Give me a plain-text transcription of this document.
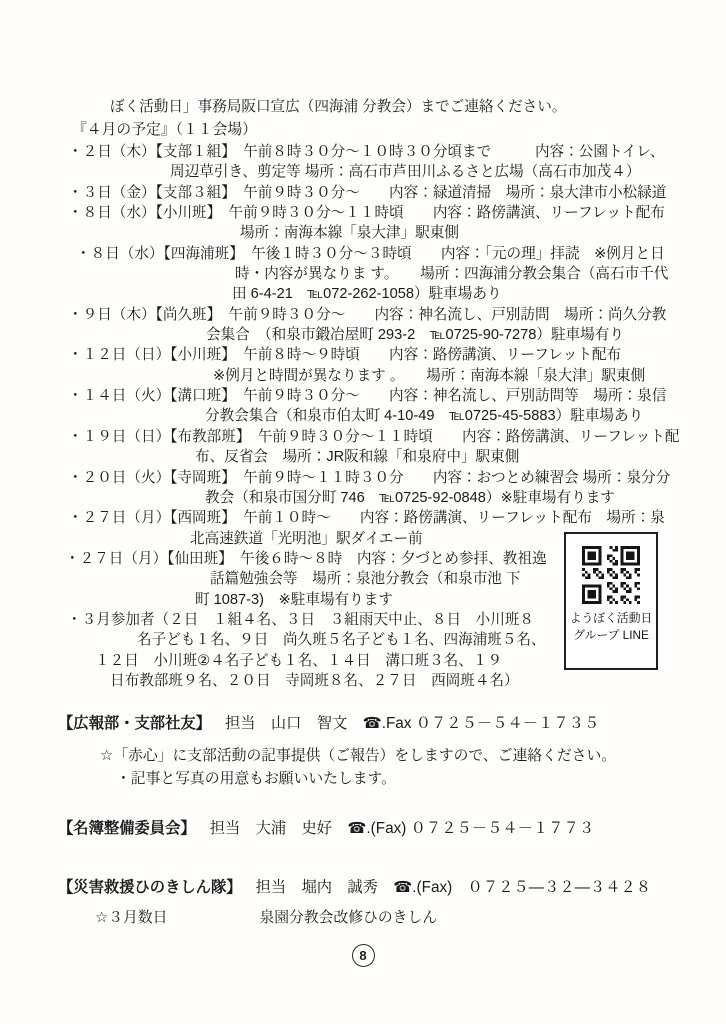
ぼく活動日」事務局阪口宣広（四海浦 分教会）までご連絡ください。
『４月の予定』（１１会場）
・２日（木）【支部１組】　午前８時３０分～１０時３０分頃まで　　　内容：公園トイレ、
周辺草引き、剪定等 場所：高石市芦田川ふるさと広場（高石市加茂４）
・３日（金）【支部３組】　午前９時３０分～　　内容：緑道清掃　場所：泉大津市小松緑道
・８日（水）【小川班】　午前９時３０分～１１時頃　　内容：路傍講演、リーフレット配布
場所：南海本線「泉大津」駅東側
・８日（水）【四海浦班】　午後１時３０分～３時頃　　内容：「元の理」拝読　※例月と日
時・内容が異なりま す。　　場所：四海浦分教会集合（高石市千代
田 6-4-21　℡072-262-1058）駐車場あり
・９日（木）【尚久班】　午前９時３０分～　　内容：神名流し、戸別訪問　場所：尚久分教
会集合　（和泉市鍛冶屋町 293-2　℡0725-90-7278）駐車場有り
・１２日（日）【小川班】　午前８時～９時頃　　内容：路傍講演、リーフレット配布
※例月と時間が異なります 。　　場所：南海本線「泉大津」駅東側
・１４日（火）【溝口班】　午前９時３０分～　　内容：神名流し、戸別訪問等　場所：泉信
分教会集合（和泉市伯太町 4-10-49　℡0725-45-5883）駐車場あり
・１９日（日）【布教部班】　午前９時３０分～１１時頃　　内容：路傍講演、リーフレット配
布、反省会　場所：JR阪和線「和泉府中」駅東側
・２０日（火）【寺岡班】　午前９時～１１時３０分　　内容：おつとめ練習会 場所：泉分分
教会（和泉市国分町 746　℡0725-92-0848）※駐車場有ります
・２７日（月）【西岡班】　午前１０時～　　内容：路傍講演、リーフレット配布　場所：泉
北高速鉄道「光明池」駅ダイエー前
・２７日（月）【仙田班】　午後６時～８時　内容：夕づとめ参拝、教祖逸
話篇勉強会等　場所：泉池分教会（和泉市池 下
町 1087-3)　※駐車場有ります
・３月参加者（２日　１組４名、３日　３組雨天中止、８日　小川班８
名子ども１名、９日　尚久班５名子ども１名、四海浦班５名、
１２日　小川班②４名子ども１名、１４日　溝口班３名、１９
日布教部班９名、２０日　寺岡班８名、２７日　西岡班４名）
ようぼく活動日
グループ LINE
【広報部・支部社友】 担当　山口　智文　☎.Fax ０７２５－５４－１７３５
☆「赤心」に支部活動の記事提供（ご報告）をしますので、ご連絡ください。
・記事と写真の用意もお願いいたします。
【名簿整備委員会】 担当　大浦　史好　☎.(Fax) ０７２５－５４－１７７３
【災害救援ひのきしん隊】 担当　堀内　誠秀　☎.(Fax)　０７２５—３２—３４２８
☆３月数日	泉園分教会改修ひのきしん
8
